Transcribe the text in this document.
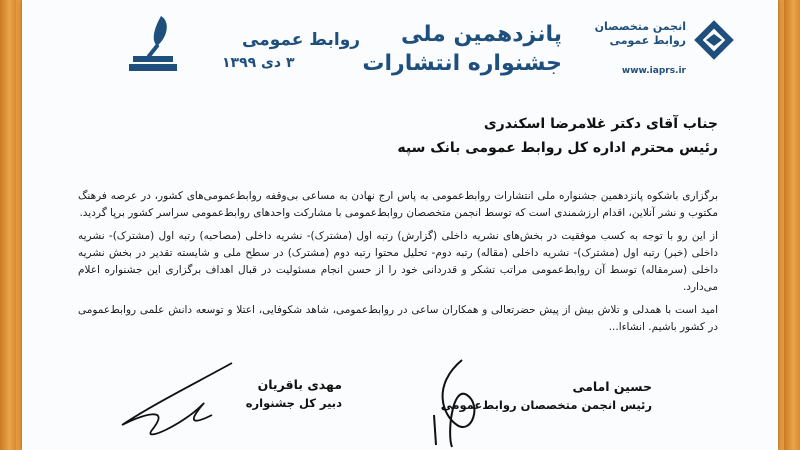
روابط عمومی
۳ دی ۱۳۹۹
پانزدهمین ملی
جشنواره انتشارات
انجمن متخصصان
روابط عمومی
www.iaprs.ir
جناب آقای دکتر غلامرضا اسکندری
رئیس محترم اداره کل روابط عمومی بانک سپه

برگزاری باشکوه پانزدهمین جشنواره ملی انتشارات روابط‌عمومی به پاس ارج نهادن به مساعی بی‌وقفه روابط‌عمومی‌های کشور، در عرصه فرهنگ مکتوب و نشر آنلاین، اقدام ارزشمندی است که توسط انجمن متخصصان روابط‌عمومی با مشارکت واحدهای روابط‌عمومی سراسر کشور برپا گردید.

از این رو با توجه به کسب موفقیت در بخش‌های نشریه داخلی (گزارش) رتبه اول (مشترک)- نشریه داخلی (مصاحبه) رتبه اول (مشترک)- نشریه داخلی (خبر) رتبه اول (مشترک)- نشریه داخلی (مقاله) رتبه دوم- تحلیل محتوا رتبه دوم (مشترک) در سطح ملی و شایسته تقدیر در بخش نشریه داخلی (سرمقاله) توسط آن روابط‌عمومی مراتب تشکر و قدردانی خود را از حسن انجام مسئولیت در قبال اهداف برگزاری این جشنواره اعلام می‌دارد.

امید است با همدلی و تلاش بیش از پیش حضرتعالی و همکاران ساعی در روابط‌عمومی، شاهد شکوفایی، اعتلا و توسعه دانش علمی روابط‌عمومی در کشور باشیم. انشاء‌ا...

حسین امامی
رئیس انجمن متخصصان روابط‌عمومی
مهدی باقریان
دبیر کل جشنواره
